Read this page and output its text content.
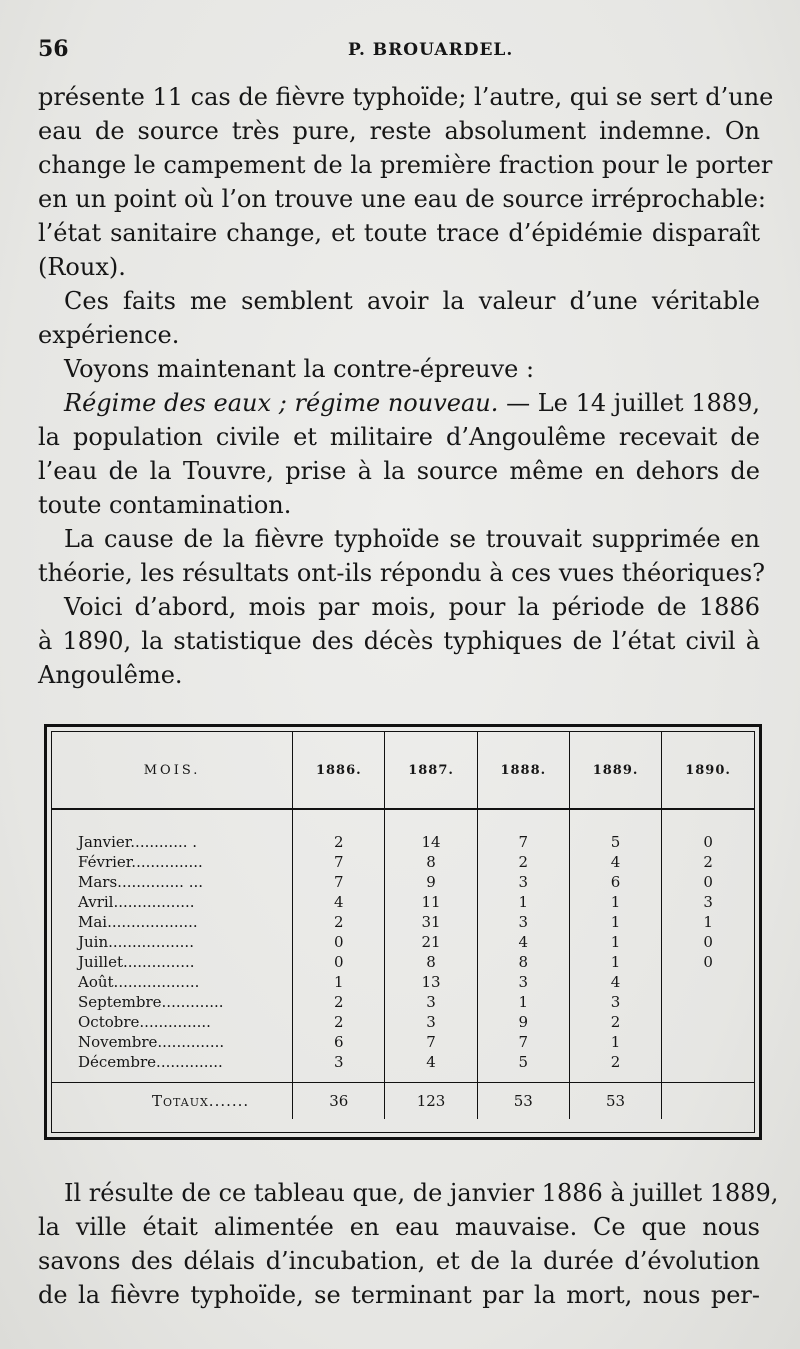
56	P. BROUARDEL.
présente 11 cas de fièvre typhoïde; l’autre, qui se sert d’une
eau de source très pure, reste absolument indemne. On
change le campement de la première fraction pour le porter
en un point où l’on trouve une eau de source irréprochable:
l’état sanitaire change, et toute trace d’épidémie disparaît
(Roux).
Ces faits me semblent avoir la valeur d’une véritable
expérience.
Voyons maintenant la contre-épreuve :
Régime des eaux ; régime nouveau. — Le 14 juillet 1889,
la population civile et militaire d’Angoulême recevait de
l’eau de la Touvre, prise à la source même en dehors de
toute contamination.
La cause de la fièvre typhoïde se trouvait supprimée en
théorie, les résultats ont-ils répondu à ces vues théoriques?
Voici d’abord, mois par mois, pour la période de 1886
à 1890, la statistique des décès typhiques de l’état civil à
Angoulême.
MOIS.	1886.	1887.	1888.	1889.	1890.
Janvier............ .	2	14	7	5	0
Février...............	7	8	2	4	2
Mars.............. ...	7	9	3	6	0
Avril.................	4	11	1	1	3
Mai...................	2	31	3	1	1
Juin..................	0	21	4	1	0
Juillet...............	0	8	8	1	0
Août..................	1	13	3	4	
Septembre.............	2	3	1	3	
Octobre...............	2	3	9	2	
Novembre..............	6	7	7	1	
Décembre..............	3	4	5	2	
Totaux.......	36	123	53	53	
Il résulte de ce tableau que, de janvier 1886 à juillet 1889,
la ville était alimentée en eau mauvaise. Ce que nous
savons des délais d’incubation, et de la durée d’évolution
de la fièvre typhoïde, se terminant par la mort, nous per-
